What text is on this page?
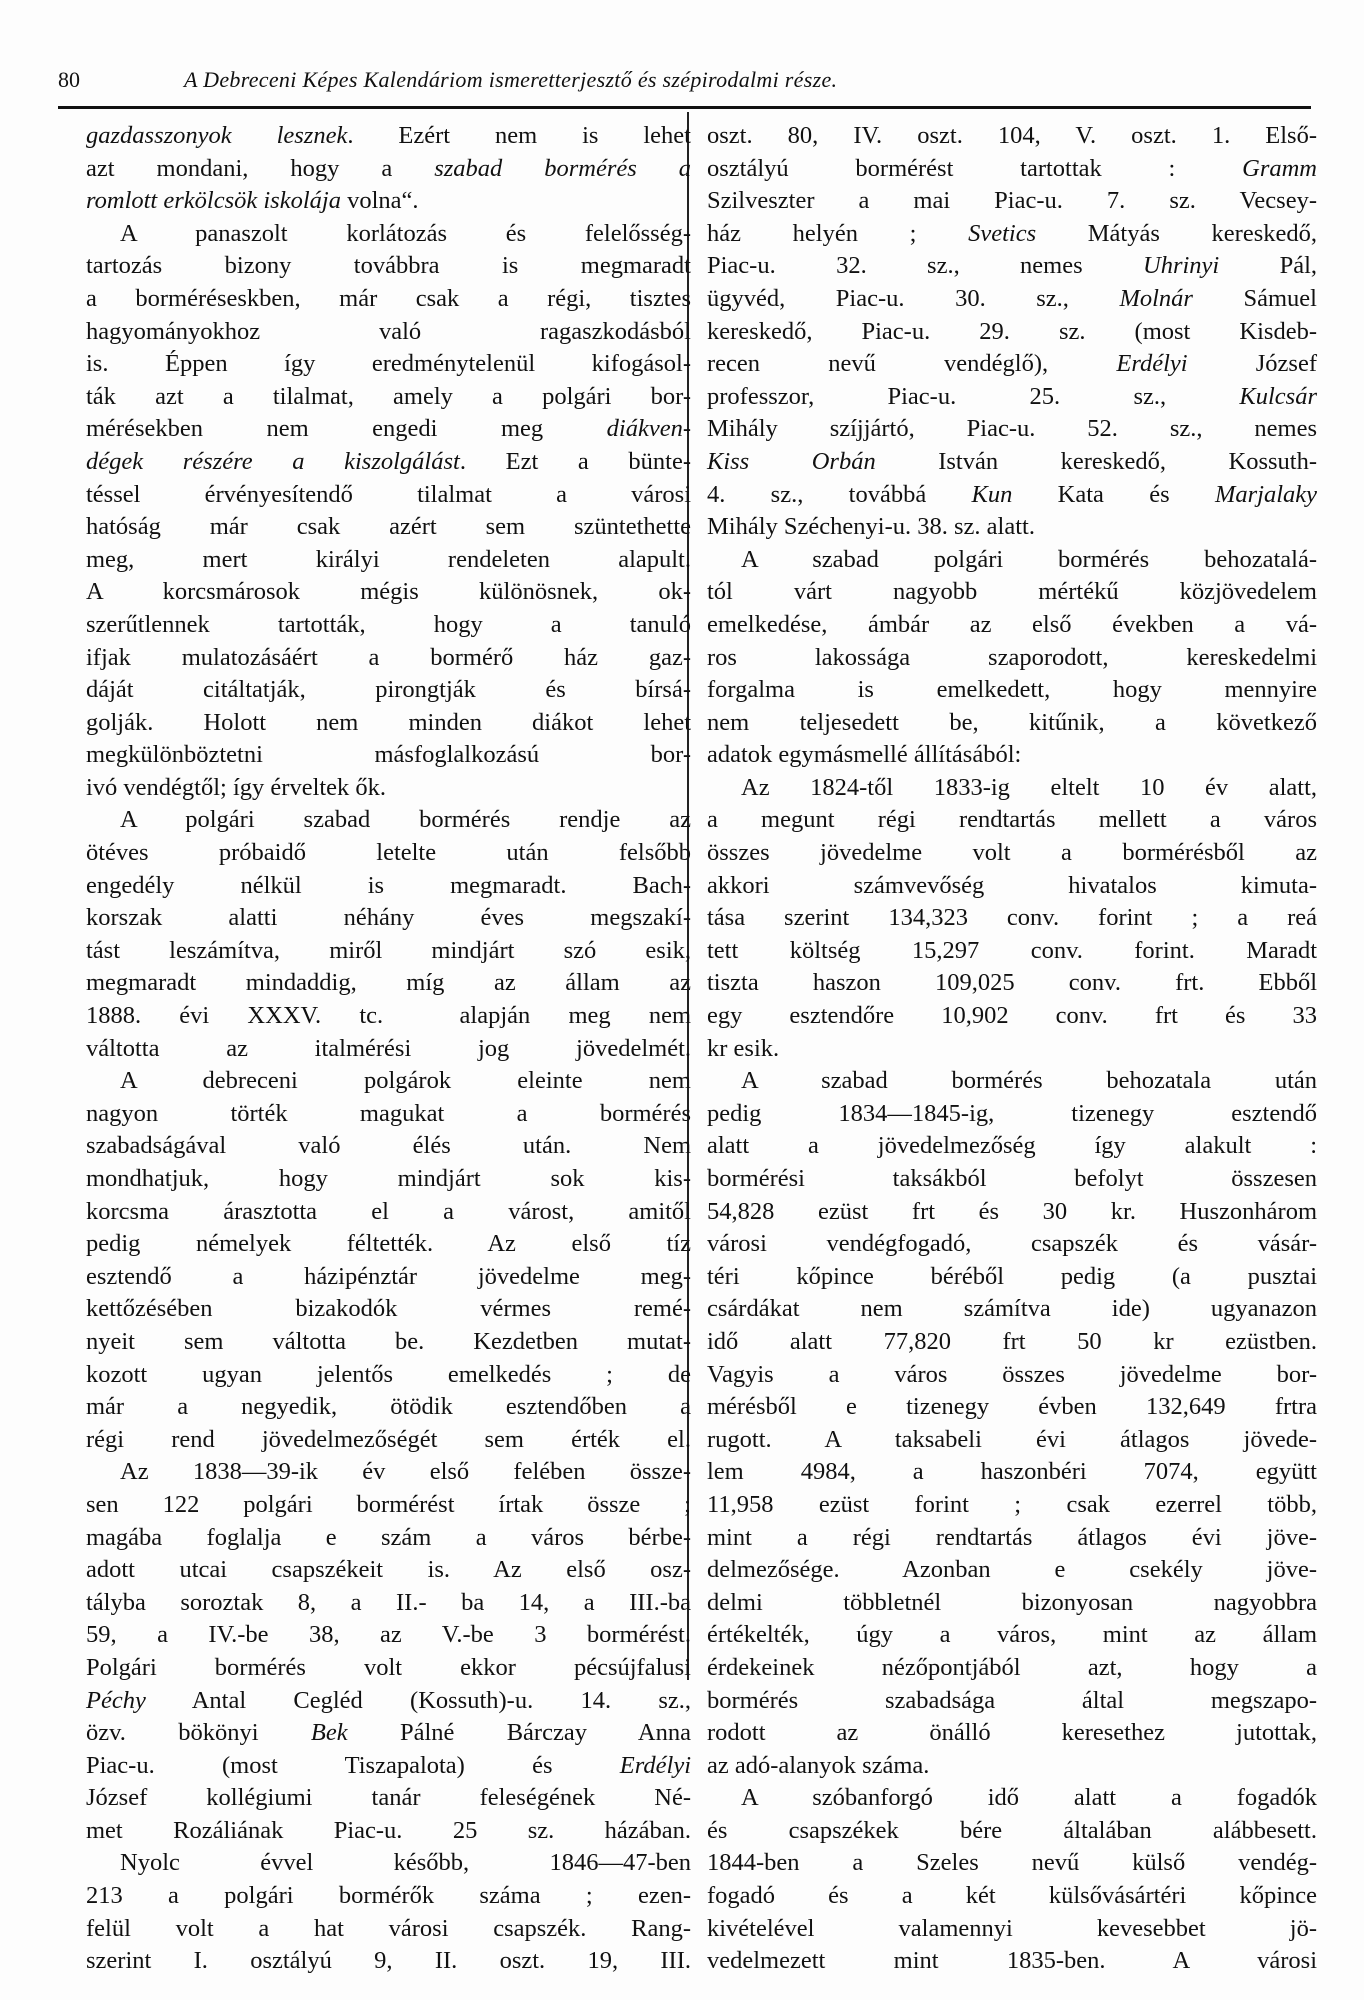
80	A Debreceni Képes Kalendáriom ismeretterjesztő és szépirodalmi része.
gazdasszonyok lesznek. Ezért nem is lehet
azt mondani, hogy a szabad bormérés a
romlott erkölcsök iskolája volna“.
A panaszolt korlátozás és felelősség-
tartozás bizony továbbra is megmaradt
a borméréseskben, már csak a régi, tisztes
hagyományokhoz való ragaszkodásból
is. Éppen így eredménytelenül kifogásol-
ták azt a tilalmat, amely a polgári bor-
mérésekben nem engedi meg diákven-
dégek részére a kiszolgálást. Ezt a bünte-
téssel érvényesítendő tilalmat a városi
hatóság már csak azért sem szüntethette
meg, mert királyi rendeleten alapult.
A korcsmárosok mégis különösnek, ok-
szerűtlennek tartották, hogy a tanuló
ifjak mulatozásáért a bormérő ház gaz-
dáját citáltatják, pirongtják és bírsá-
golják. Holott nem minden diákot lehet
megkülönböztetni másfoglalkozású bor-
ivó vendégtől; így érveltek ők.
A polgári szabad bormérés rendje az
ötéves próbaidő letelte után felsőbb
engedély nélkül is megmaradt. Bach-
korszak alatti néhány éves megszakí-
tást leszámítva, miről mindjárt szó esik,
megmaradt mindaddig, míg az állam az
1888. évi XXXV. tc.  alapján meg nem
váltotta az italmérési jog jövedelmét.
A debreceni polgárok eleinte nem
nagyon törték magukat a bormérés
szabadságával való élés után. Nem
mondhatjuk, hogy mindjárt sok kis-
korcsma árasztotta el a várost, amitől
pedig némelyek féltették. Az első tíz
esztendő a házipénztár jövedelme meg-
kettőzésében bizakodók vérmes remé-
nyeit sem váltotta be. Kezdetben mutat-
kozott ugyan jelentős emelkedés ; de
már a negyedik, ötödik esztendőben a
régi rend jövedelmezőségét sem érték el.
Az 1838—39-ik év első felében össze-
sen 122 polgári bormérést írtak össze ;
magába foglalja e szám a város bérbe-
adott utcai csapszékeit is. Az első osz-
tályba soroztak 8, a II.- ba 14, a III.-ba
59, a IV.-be 38, az V.-be 3 bormérést.
Polgári bormérés volt ekkor pécsújfalusi
Péchy Antal Cegléd (Kossuth)-u. 14. sz.,
özv. bökönyi Bek Pálné Bárczay Anna
Piac-u. (most Tiszapalota) és Erdélyi
József kollégiumi tanár feleségének Né-
met Rozáliának Piac-u. 25 sz. házában.
Nyolc évvel később, 1846—47-ben
213 a polgári bormérők száma ; ezen-
felül volt a hat városi csapszék. Rang-
szerint I. osztályú 9, II. oszt. 19, III.
oszt. 80, IV. oszt. 104, V. oszt. 1. Első-
osztályú bormérést tartottak : Gramm
Szilveszter a mai Piac-u. 7. sz. Vecsey-
ház helyén ; Svetics Mátyás kereskedő,
Piac-u. 32. sz., nemes Uhrinyi Pál,
ügyvéd, Piac-u. 30. sz., Molnár Sámuel
kereskedő, Piac-u. 29. sz. (most Kisdeb-
recen nevű vendéglő), Erdélyi József
professzor, Piac-u. 25. sz., Kulcsár
Mihály szíjjártó, Piac-u. 52. sz., nemes
Kiss Orbán István kereskedő, Kossuth-
4. sz., továbbá Kun Kata és Marjalaky
Mihály Széchenyi-u. 38. sz. alatt.
A szabad polgári bormérés behozatalá-
tól várt nagyobb mértékű közjövedelem
emelkedése, ámbár az első években a vá-
ros lakossága szaporodott, kereskedelmi
forgalma is emelkedett, hogy mennyire
nem teljesedett be, kitűnik, a következő
adatok egymásmellé állításából:
Az 1824-től 1833-ig eltelt 10 év alatt,
a megunt régi rendtartás mellett a város
összes jövedelme volt a bormérésből az
akkori számvevőség hivatalos kimuta-
tása szerint 134,323 conv. forint ; a reá
tett költség 15,297 conv. forint. Maradt
tiszta haszon 109,025 conv. frt. Ebből
egy esztendőre 10,902 conv. frt és 33
kr esik.
A szabad bormérés behozatala után
pedig 1834—1845-ig, tizenegy esztendő
alatt a jövedelmezőség így alakult :
bormérési taksákból befolyt összesen
54,828 ezüst frt és 30 kr. Huszonhárom
városi vendégfogadó, csapszék és vásár-
téri kőpince béréből pedig (a pusztai
csárdákat nem számítva ide) ugyanazon
idő alatt 77,820 frt 50 kr ezüstben.
Vagyis a város összes jövedelme bor-
mérésből e tizenegy évben 132,649 frtra
rugott. A taksabeli évi átlagos jövede-
lem 4984, a haszonbéri 7074, együtt
11,958 ezüst forint ; csak ezerrel több,
mint a régi rendtartás átlagos évi jöve-
delmezősége. Azonban e csekély jöve-
delmi többletnél bizonyosan nagyobbra
értékelték, úgy a város, mint az állam
érdekeinek nézőpontjából azt, hogy a
bormérés szabadsága által megszapo-
rodott az önálló keresethez jutottak,
az adó-alanyok száma.
A szóbanforgó idő alatt a fogadók
és csapszékek bére általában alábbesett.
1844-ben a Szeles nevű külső vendég-
fogadó és a két külsővásártéri kőpince
kivételével valamennyi kevesebbet jö-
vedelmezett mint 1835-ben. A városi
